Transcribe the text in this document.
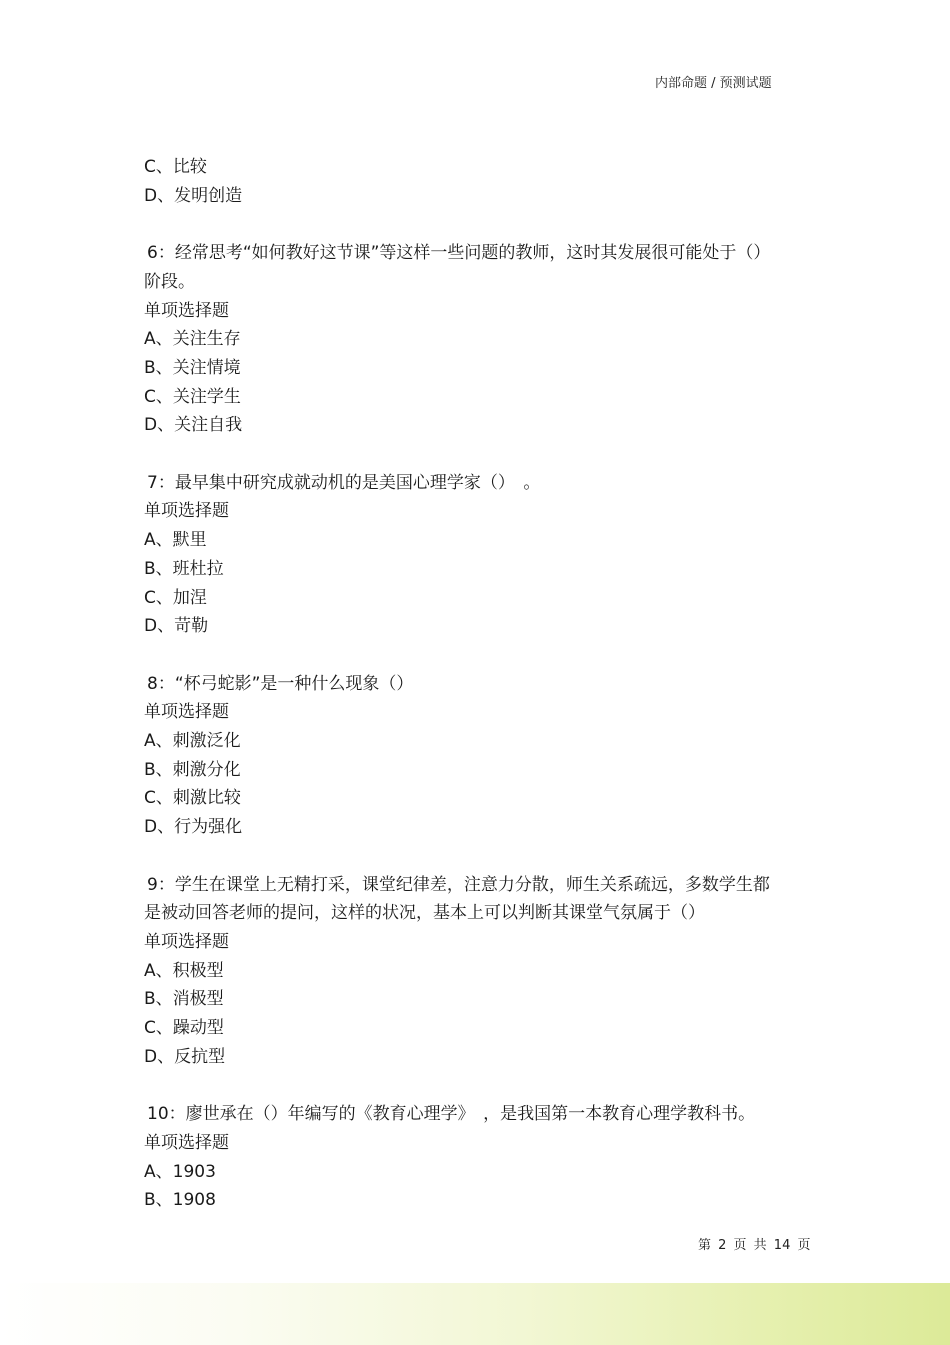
内部命题 / 预测试题
C、比较
D、发明创造
6：经常思考“如何教好这节课”等这样一些问题的教师，这时其发展很可能处于（）阶段。
单项选择题
A、关注生存
B、关注情境
C、关注学生
D、关注自我
7：最早集中研究成就动机的是美国心理学家（）　。
单项选择题
A、默里
B、班杜拉
C、加涅
D、苛勒
8：“杯弓蛇影”是一种什么现象（）
单项选择题
A、刺激泛化
B、刺激分化
C、刺激比较
D、行为强化
9：学生在课堂上无精打采，课堂纪律差，注意力分散，师生关系疏远，多数学生都是被动回答老师的提问，这样的状况，基本上可以判断其课堂气氛属于（）
单项选择题
A、积极型
B、消极型
C、躁动型
D、反抗型
10：廖世承在（）年编写的《教育心理学》　，是我国第一本教育心理学教科书。
单项选择题
A、1903
B、1908
第 2 页 共 14 页
